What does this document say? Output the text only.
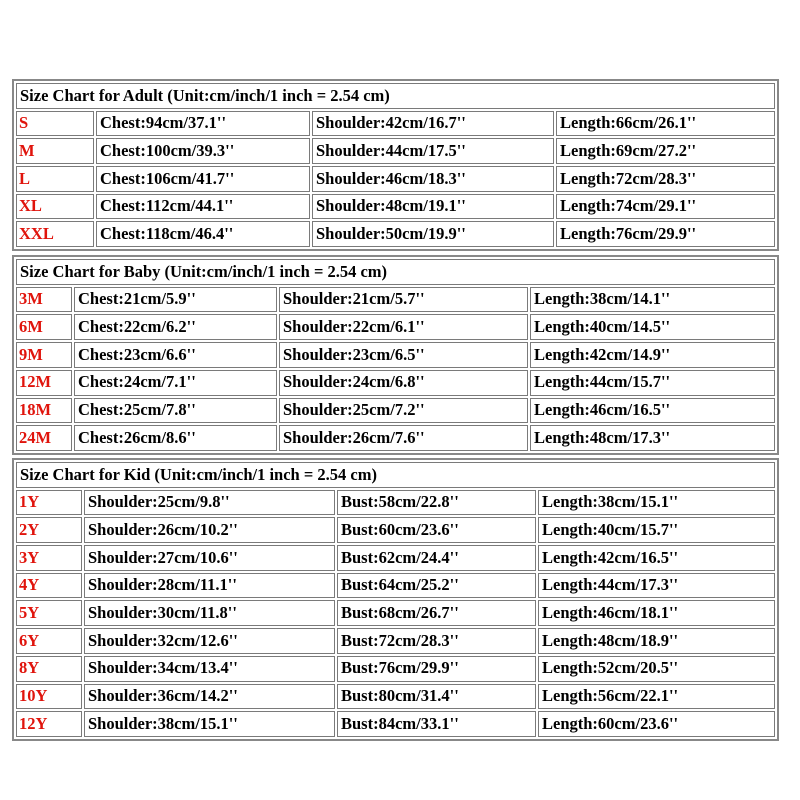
Size Chart for Adult (Unit:cm/inch/1 inch = 2.54 cm)			
S	Chest:94cm/37.1''	Shoulder:42cm/16.7''	Length:66cm/26.1''
M	Chest:100cm/39.3''	Shoulder:44cm/17.5''	Length:69cm/27.2''
L	Chest:106cm/41.7''	Shoulder:46cm/18.3''	Length:72cm/28.3''
XL	Chest:112cm/44.1''	Shoulder:48cm/19.1''	Length:74cm/29.1''
XXL	Chest:118cm/46.4''	Shoulder:50cm/19.9''	Length:76cm/29.9''
Size Chart for Baby (Unit:cm/inch/1 inch = 2.54 cm)			
3M	Chest:21cm/5.9''	Shoulder:21cm/5.7''	Length:38cm/14.1''
6M	Chest:22cm/6.2''	Shoulder:22cm/6.1''	Length:40cm/14.5''
9M	Chest:23cm/6.6''	Shoulder:23cm/6.5''	Length:42cm/14.9''
12M	Chest:24cm/7.1''	Shoulder:24cm/6.8''	Length:44cm/15.7''
18M	Chest:25cm/7.8''	Shoulder:25cm/7.2''	Length:46cm/16.5''
24M	Chest:26cm/8.6''	Shoulder:26cm/7.6''	Length:48cm/17.3''
Size Chart for Kid (Unit:cm/inch/1 inch = 2.54 cm)			
1Y	Shoulder:25cm/9.8''	Bust:58cm/22.8''	Length:38cm/15.1''
2Y	Shoulder:26cm/10.2''	Bust:60cm/23.6''	Length:40cm/15.7''
3Y	Shoulder:27cm/10.6''	Bust:62cm/24.4''	Length:42cm/16.5''
4Y	Shoulder:28cm/11.1''	Bust:64cm/25.2''	Length:44cm/17.3''
5Y	Shoulder:30cm/11.8''	Bust:68cm/26.7''	Length:46cm/18.1''
6Y	Shoulder:32cm/12.6''	Bust:72cm/28.3''	Length:48cm/18.9''
8Y	Shoulder:34cm/13.4''	Bust:76cm/29.9''	Length:52cm/20.5''
10Y	Shoulder:36cm/14.2''	Bust:80cm/31.4''	Length:56cm/22.1''
12Y	Shoulder:38cm/15.1''	Bust:84cm/33.1''	Length:60cm/23.6''
